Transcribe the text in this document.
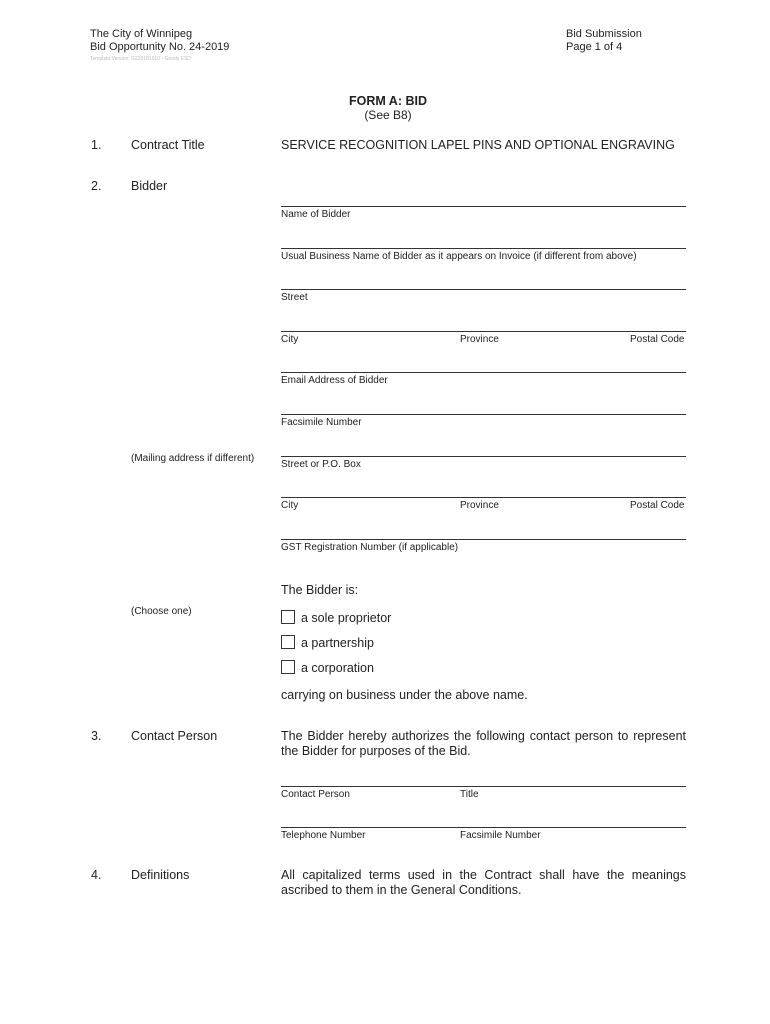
The City of Winnipeg
Bid Opportunity No. 24-2019
Bid Submission
Page 1 of 4
Template Version: G220181010 - Goods ESD
FORM A: BID
(See B8)
1. Contract Title	SERVICE RECOGNITION LAPEL PINS AND OPTIONAL ENGRAVING
2. Bidder
Name of Bidder
Usual Business Name of Bidder as it appears on Invoice (if different from above)
Street
City	Province	Postal Code
Email Address of Bidder
Facsimile Number
(Mailing address if different)
Street or P.O. Box
City	Province	Postal Code
GST Registration Number (if applicable)
The Bidder is:
(Choose one)	a sole proprietor
a partnership
a corporation
carrying on business under the above name.
3. Contact Person	The Bidder hereby authorizes the following contact person to represent the Bidder for purposes of the Bid.
Contact Person	Title
Telephone Number	Facsimile Number
4. Definitions	All capitalized terms used in the Contract shall have the meanings ascribed to them in the General Conditions.
